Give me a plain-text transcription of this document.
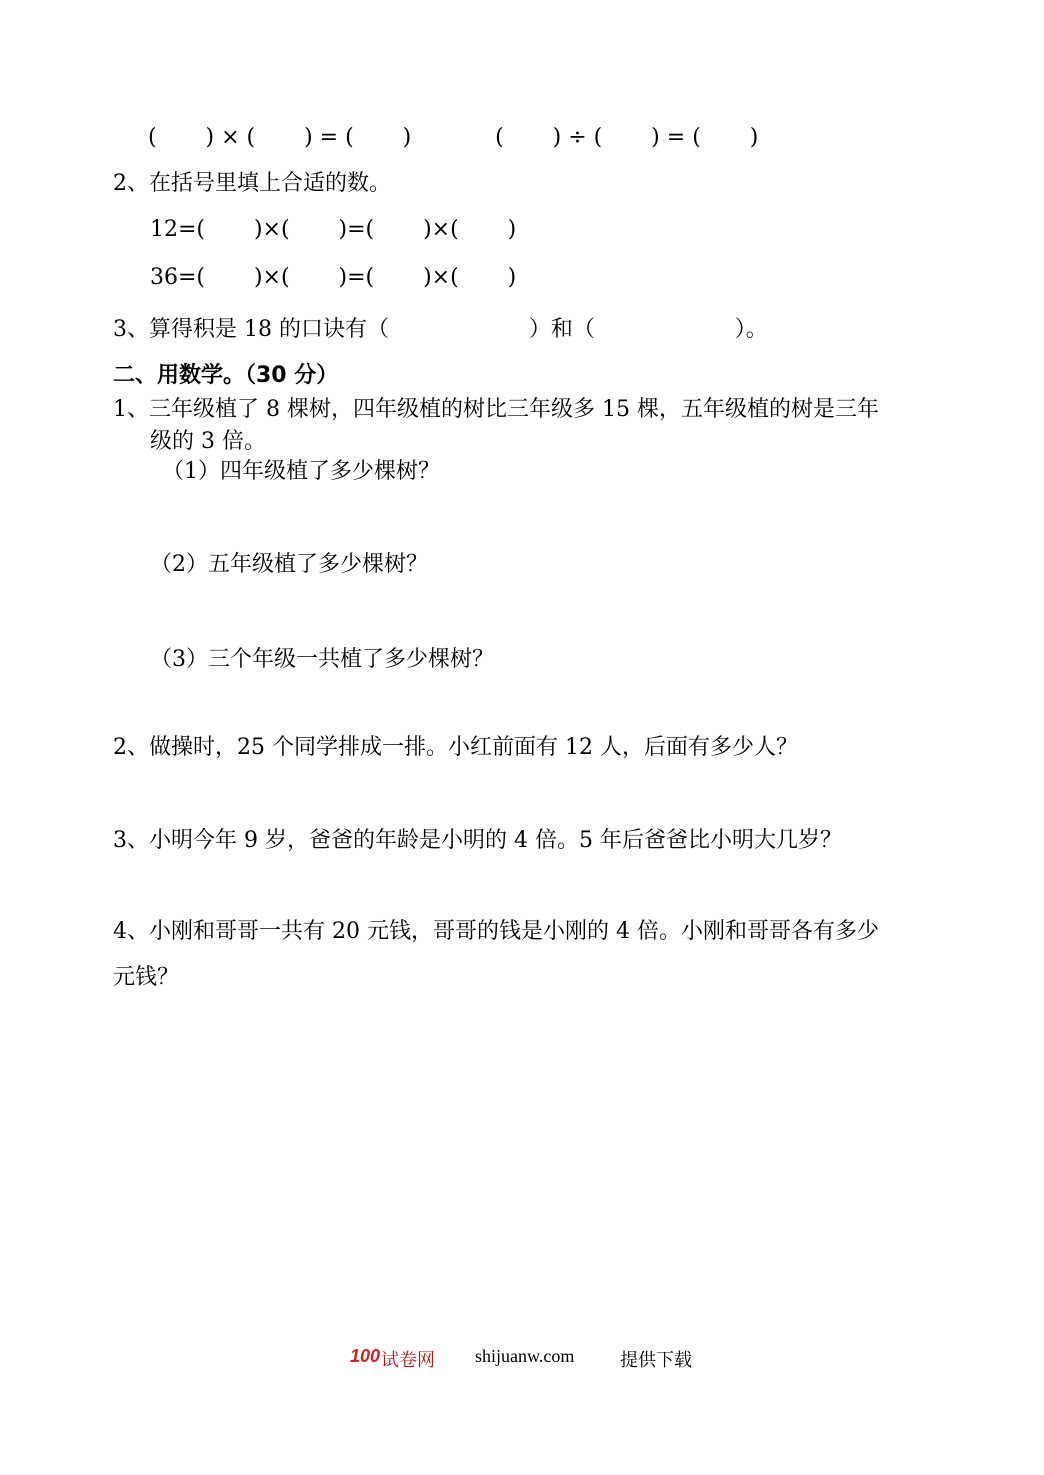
(       ) × (       ) = (       )            (       ) ÷ (       ) = (       )
2、在括号里填上合适的数。
12=(       )×(       )=(       )×(       )
36=(       )×(       )=(       )×(       )
3、算得积是 18 的口诀有（                    ）和（                    ）。
二、用数学。（30 分）
1、三年级植了 8 棵树，四年级植的树比三年级多 15 棵，五年级植的树是三年
级的 3 倍。
（1）四年级植了多少棵树？
（2）五年级植了多少棵树？
（3）三个年级一共植了多少棵树？
2、做操时，25 个同学排成一排。小红前面有 12 人，后面有多少人？
3、小明今年 9 岁，爸爸的年龄是小明的 4 倍。5 年后爸爸比小明大几岁？
4、小刚和哥哥一共有 20 元钱，哥哥的钱是小刚的 4 倍。小刚和哥哥各有多少
元钱？
100 试卷网 shijuanw.com	提供下载
